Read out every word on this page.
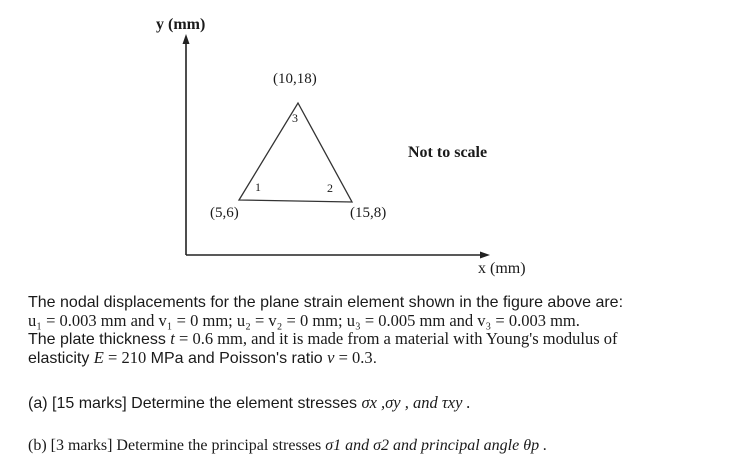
y (mm)
x (mm)
(5,6)	(15,8)
(10,18)
1	2
3
Not to scale
The nodal displacements for the plane strain element shown in the figure above are:
u₁ = 0.003 mm and v₁ = 0 mm; u₂ = v₂ = 0 mm; u₃ = 0.005 mm and v₃ = 0.003 mm.
The plate thickness t = 0.6 mm, and it is made from a material with Young's modulus of
elasticity E = 210 MPa and Poisson's ratio v = 0.3.
(a) [15 marks] Determine the element stresses σx ,σy , and τxy .
(b) [3 marks] Determine the principal stresses σ1 and σ2 and principal angle θp .
